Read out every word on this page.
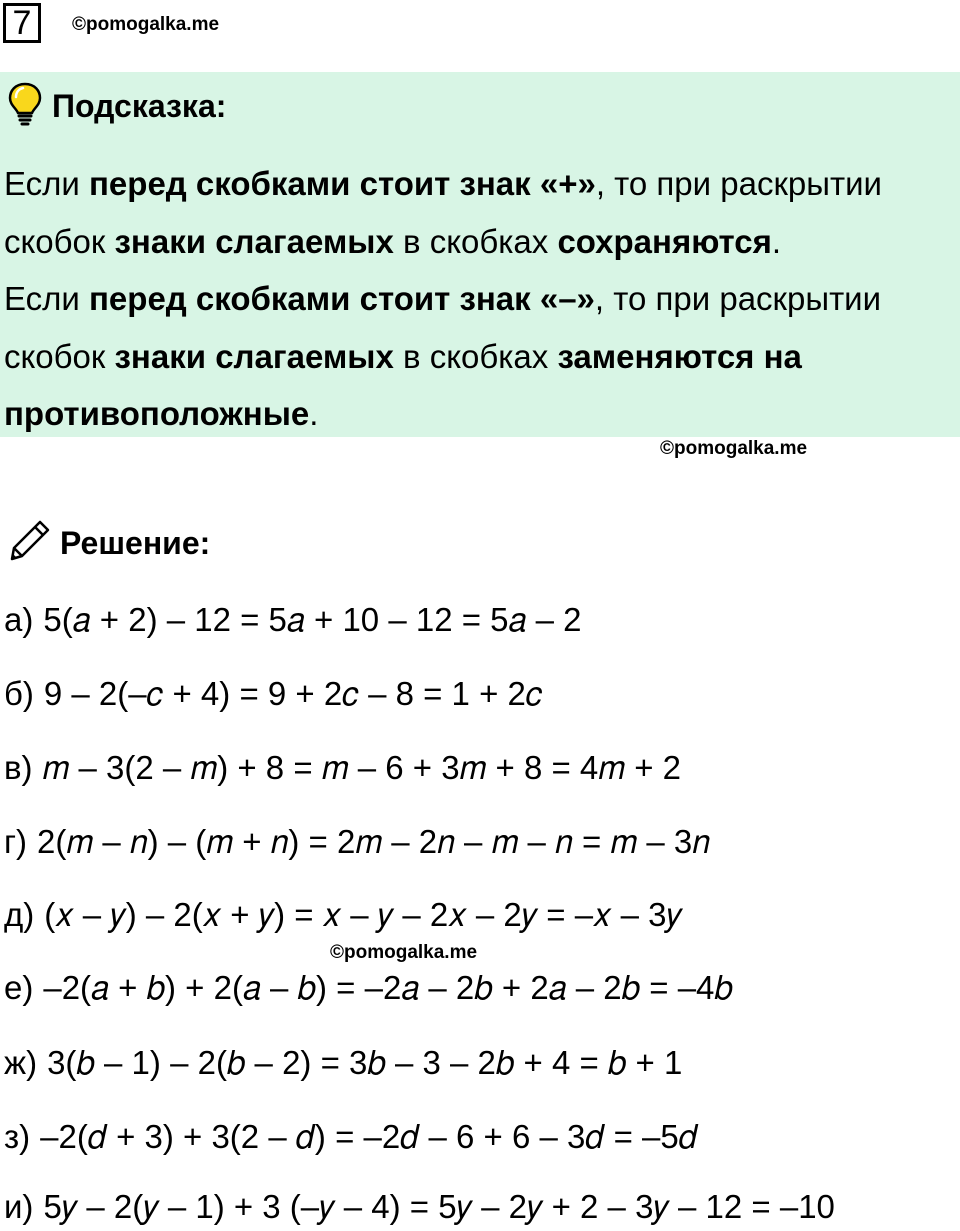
7	©pomogalka.me
Подсказка:
Если перед скобками стоит знак «+», то при раскрытии скобок знаки слагаемых в скобках сохраняются.
Если перед скобками стоит знак «–», то при раскрытии скобок знаки слагаемых в скобках заменяются на противоположные.
©pomogalka.me
Решение:
а) 5(𝑎 + 2) – 12 = 5𝑎 + 10 – 12 = 5𝑎 – 2
б) 9 – 2(–𝑐 + 4) = 9 + 2𝑐 – 8 = 1 + 2𝑐
в) 𝑚 – 3(2 – 𝑚) + 8 = 𝑚 – 6 + 3𝑚 + 8 = 4𝑚 + 2
г) 2(𝑚 – 𝑛) – (𝑚 + 𝑛) = 2𝑚 – 2𝑛 – 𝑚 – 𝑛 = 𝑚 – 3𝑛
д) (𝑥 – 𝑦) – 2(𝑥 + 𝑦) = 𝑥 – 𝑦 – 2𝑥 – 2𝑦 = –𝑥 – 3𝑦
е) –2(𝑎 + 𝑏) + 2(𝑎 – 𝑏) = –2𝑎 – 2𝑏 + 2𝑎 – 2𝑏 = –4𝑏
ж) 3(𝑏 – 1) – 2(𝑏 – 2) = 3𝑏 – 3 – 2𝑏 + 4 = 𝑏 + 1
з) –2(𝑑 + 3) + 3(2 – 𝑑) = –2𝑑 – 6 + 6 – 3𝑑 = –5𝑑
и) 5𝑦 – 2(𝑦 – 1) + 3 (–𝑦 – 4) = 5𝑦 – 2𝑦 + 2 – 3𝑦 – 12 = –10
©pomogalka.me
